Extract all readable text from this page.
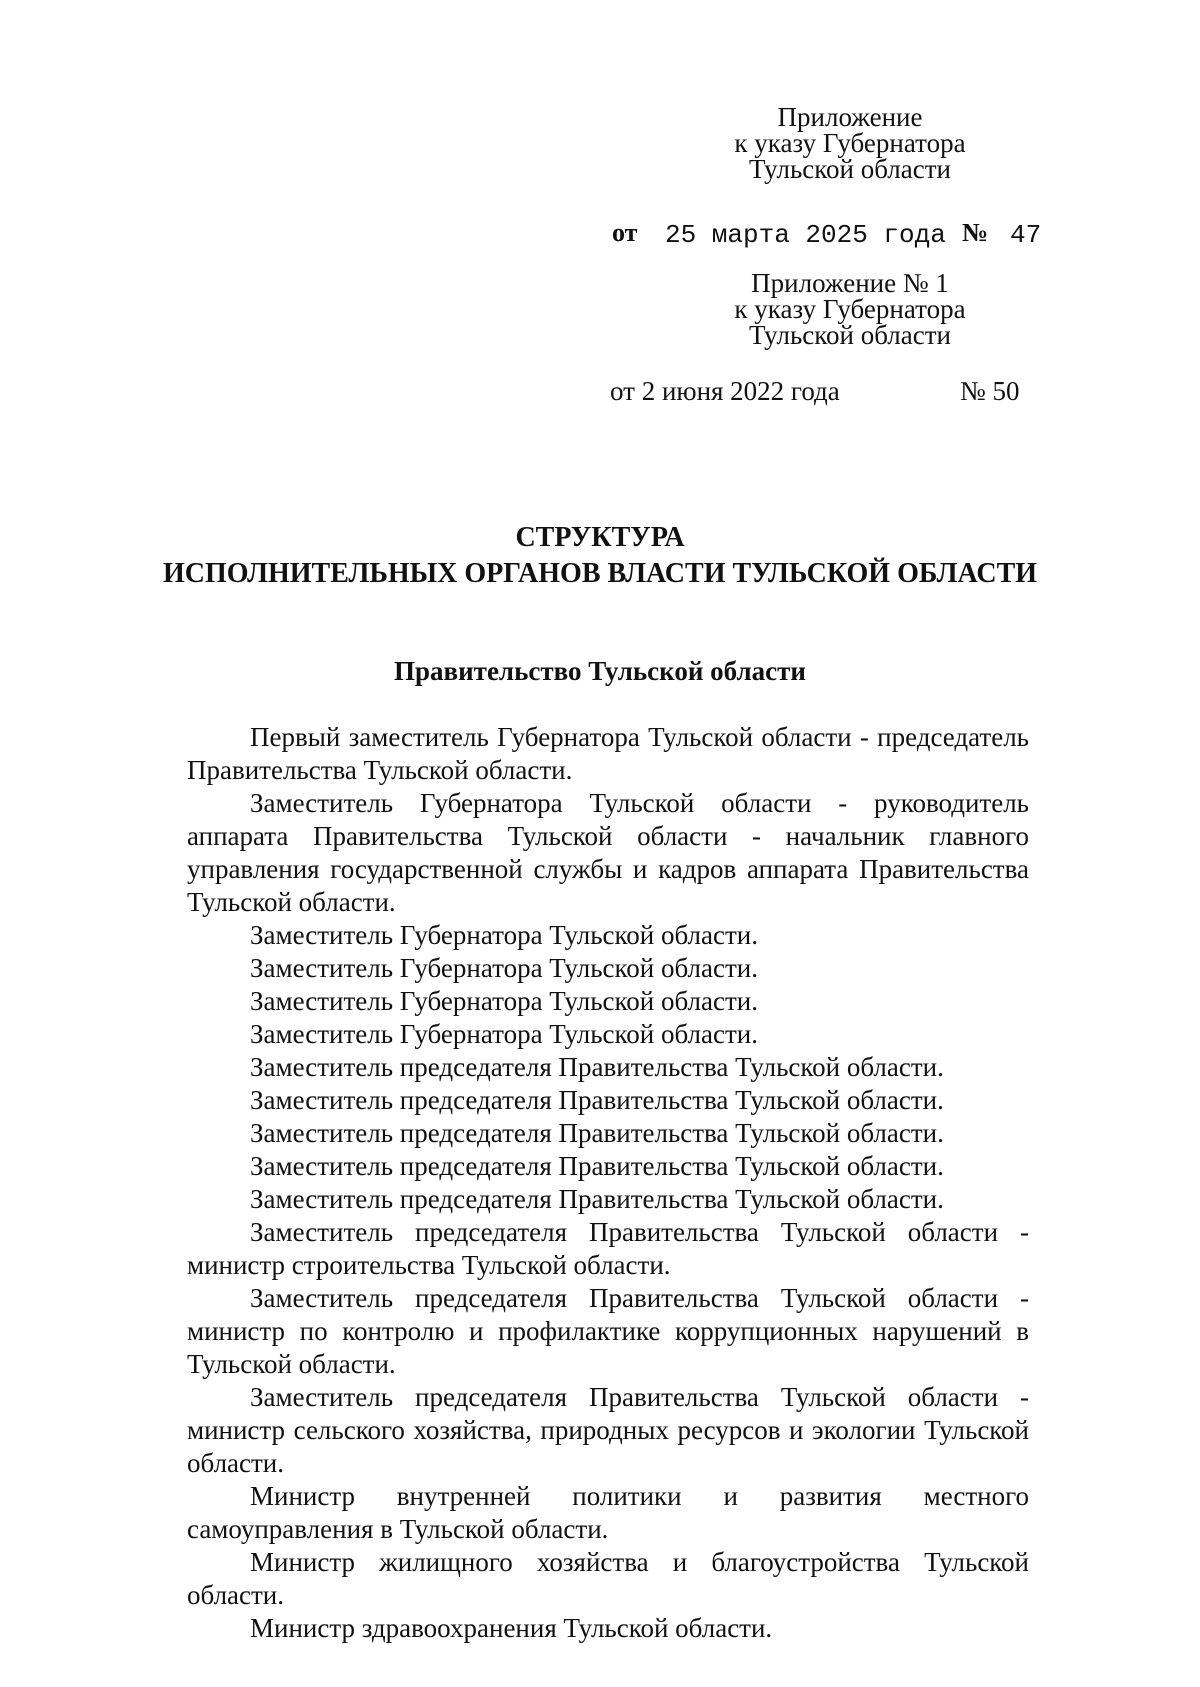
Приложение
к указу Губернатора
Тульской области
от 25 марта 2025 года № 47
Приложение № 1
к указу Губернатора
Тульской области
от 2 июня 2022 года	№ 50
СТРУКТУРА
ИСПОЛНИТЕЛЬНЫХ ОРГАНОВ ВЛАСТИ ТУЛЬСКОЙ ОБЛАСТИ
Правительство Тульской области

Первый заместитель Губернатора Тульской области - председатель Правительства Тульской области.

Заместитель Губернатора Тульской области - руководитель аппарата Правительства Тульской области - начальник главного управления государственной службы и кадров аппарата Правительства Тульской области.

Заместитель Губернатора Тульской области.

Заместитель Губернатора Тульской области.

Заместитель Губернатора Тульской области.

Заместитель Губернатора Тульской области.

Заместитель председателя Правительства Тульской области.

Заместитель председателя Правительства Тульской области.

Заместитель председателя Правительства Тульской области.

Заместитель председателя Правительства Тульской области.

Заместитель председателя Правительства Тульской области.

Заместитель председателя Правительства Тульской области - министр строительства Тульской области.

Заместитель председателя Правительства Тульской области - министр по контролю и профилактике коррупционных нарушений в Тульской области.

Заместитель председателя Правительства Тульской области - министр сельского хозяйства, природных ресурсов и экологии Тульской области.

Министр внутренней политики и развития местного самоуправления в Тульской области.

Министр жилищного хозяйства и благоустройства Тульской области.

Министр здравоохранения Тульской области.
